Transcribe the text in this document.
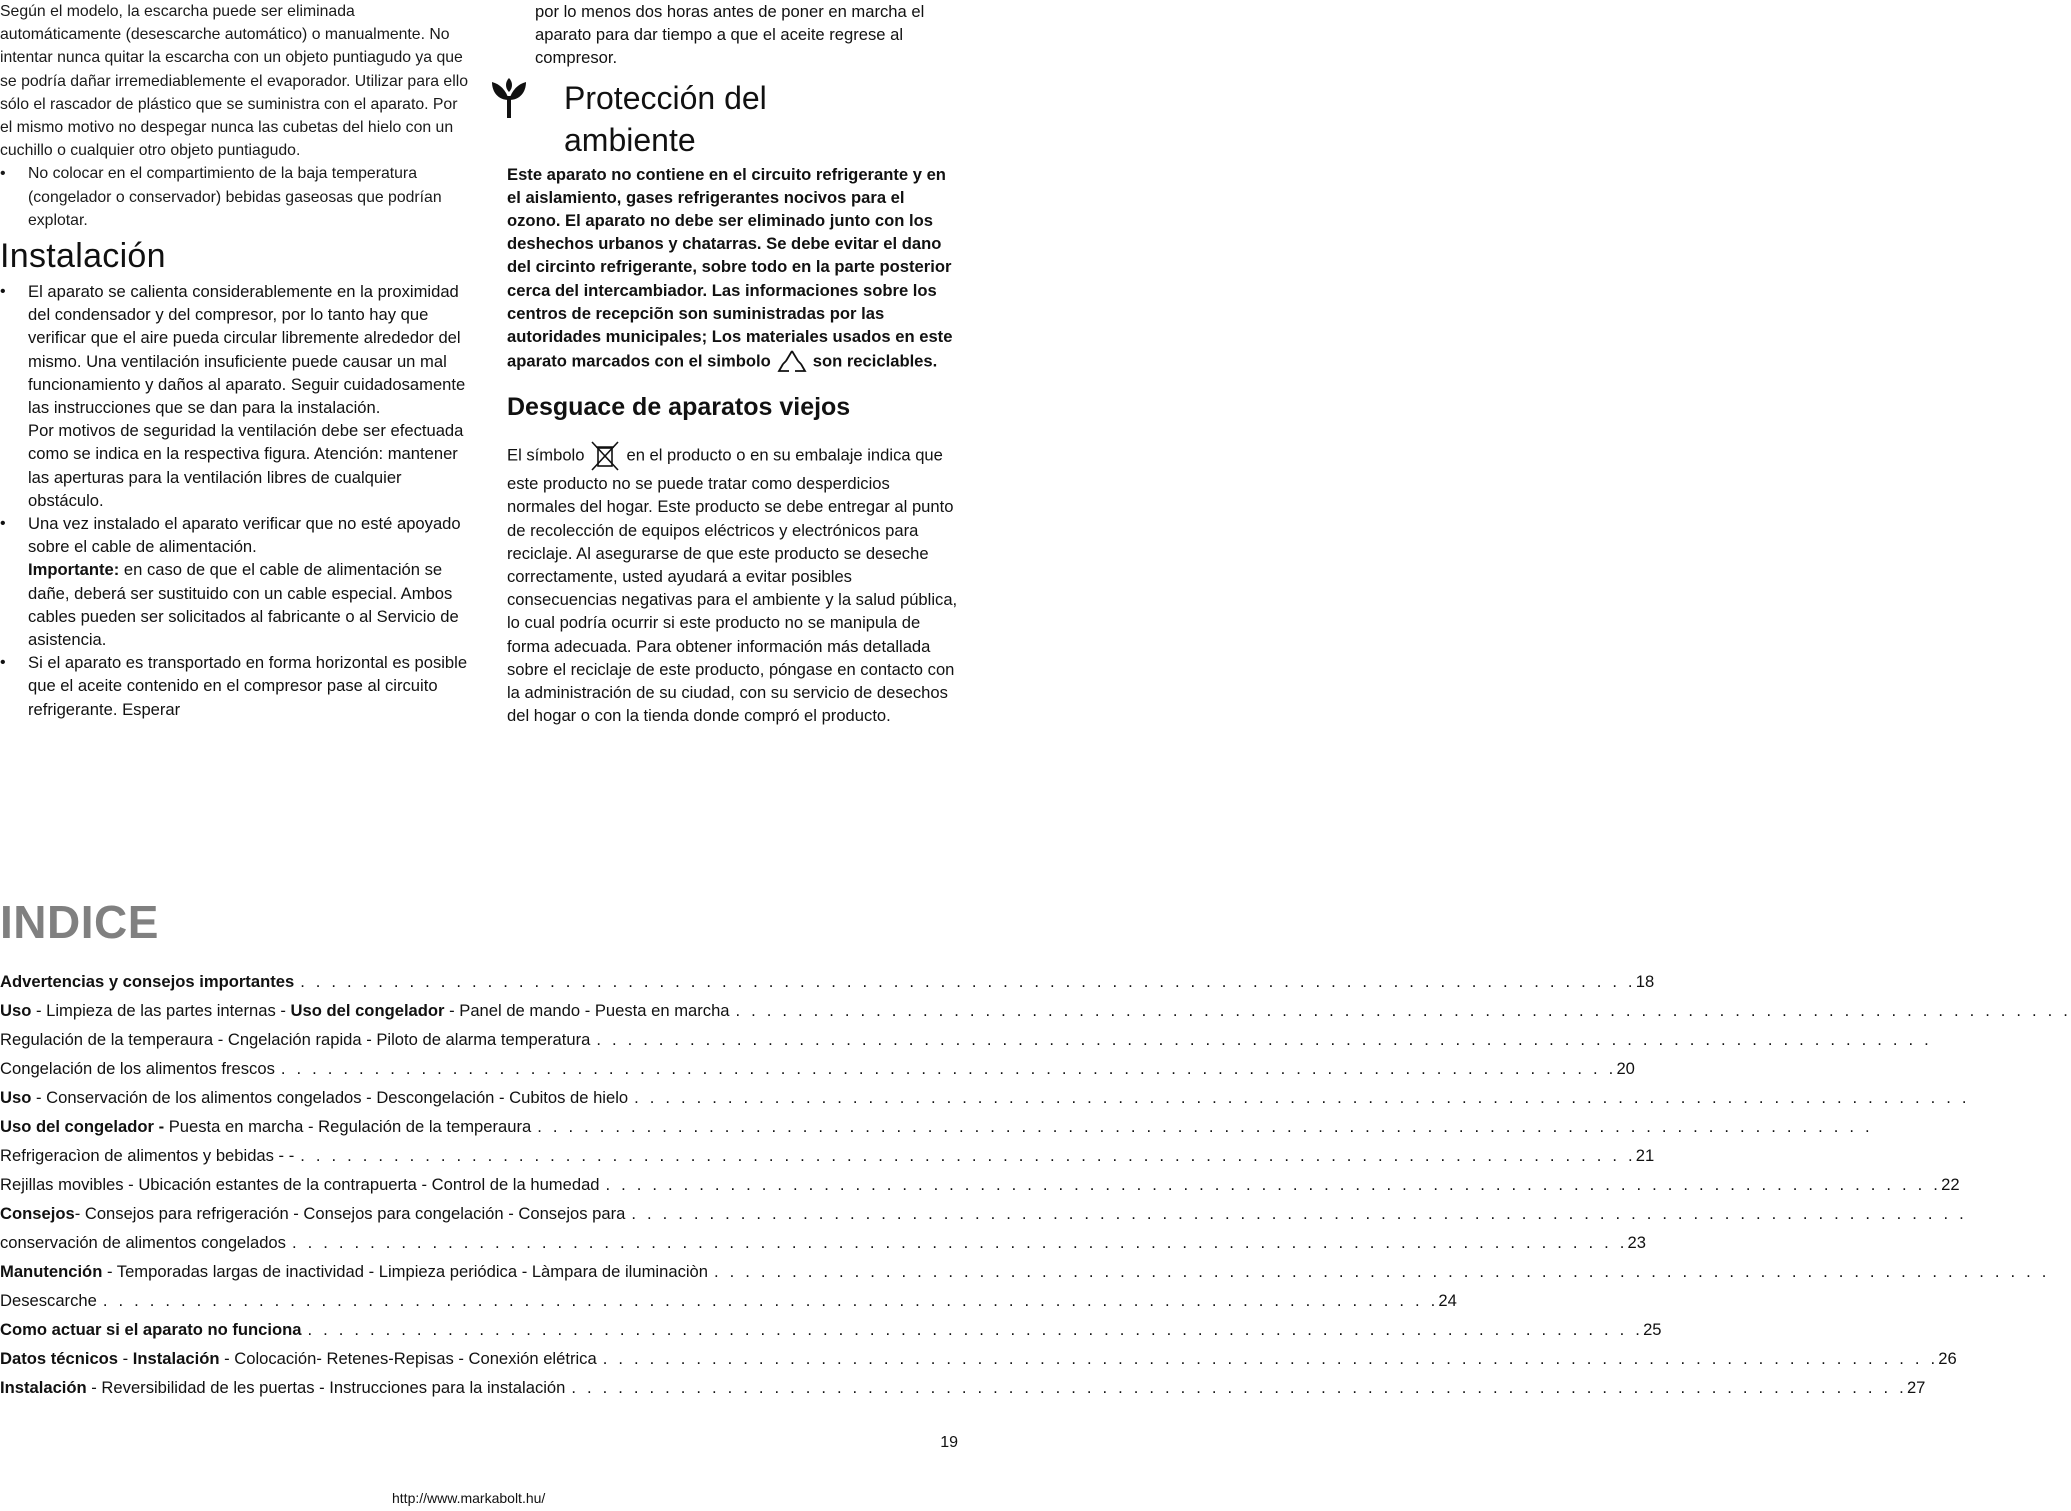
Según el modelo, la escarcha puede ser eliminada automáticamente (desescarche automático) o manualmente. No intentar nunca quitar la escarcha con un objeto puntiagudo ya que se podría dañar irremediablemente el evaporador. Utilizar para ello sólo el rascador de plástico que se suministra con el aparato. Por el mismo motivo no despegar nunca las cubetas del hielo con un cuchillo o cualquier otro objeto puntiagudo.

• No colocar en el compartimiento de la baja temperatura (congelador o conservador) bebidas gaseosas que podrían explotar.

Instalación

• El aparato se calienta considerablemente en la proximidad del condensador y del compresor, por lo tanto hay que verificar que el aire pueda circular libremente alrededor del mismo. Una ventilación insuficiente puede causar un mal funcionamiento y daños al aparato. Seguir cuidadosamente las instrucciones que se dan para la instalación.

Por motivos de seguridad la ventilación debe ser efectuada como se indica en la respectiva figura. Atención: mantener las aperturas para la ventilación libres de cualquier obstáculo.

• Una vez instalado el aparato verificar que no esté apoyado sobre el cable de alimentación.

Importante: en caso de que el cable de alimentación se dañe, deberá ser sustituido con un cable especial. Ambos cables pueden ser solicitados al fabricante o al Servicio de asistencia.

• Si el aparato es transportado en forma horizontal es posible que el aceite contenido en el compresor pase al circuito refrigerante. Esperar

por lo menos dos horas antes de poner en marcha el aparato para dar tiempo a que el aceite regrese al compresor.

Protección del
ambiente

Este aparato no contiene en el circuito refrigerante y en el aislamiento, gases refrigerantes nocivos para el ozono. El aparato no debe ser eliminado junto con los deshechos urbanos y chatarras. Se debe evitar el dano del circinto refrigerante, sobre todo en la parte posterior cerca del intercambiador. Las informaciones sobre los centros de recepciõn son suministradas por las autoridades municipales; Los materiales usados en este aparato marcados con el simbolo	son reciclables.

Desguace de aparatos viejos

El símbolo	en el producto o en su embalaje indica que este producto no se puede tratar como desperdicios normales del hogar. Este producto se debe entregar al punto de recolección de equipos eléctricos y electrónicos para reciclaje. Al asegurarse de que este producto se deseche correctamente, usted ayudará a evitar posibles consecuencias negativas para el ambiente y la salud pública, lo cual podría ocurrir si este producto no se manipula de forma adecuada. Para obtener información más detallada sobre el reciclaje de este producto, póngase en contacto con la administración de su ciudad, con su servicio de desechos del hogar o con la tienda donde compró el producto.

INDICE
Advertencias y consejos importantes . . . . . . . . . . . . . . . . . . . . . . . . . . . . . . . . . . . . . . . . . . . . . . . . . . . . . . . . . . . . . . . . . . . . . . . . . . . . . . . . . . . . . . 18
Uso - Limpieza de las partes internas - Uso del congelador - Panel de mando - Puesta en marcha . . . . . . . . . . . . . . . . . . . . . . . . . . . . . . . . . . . . . . . . . . . . . . . . . . . . . . . . . . . . . . . . . . . . . . . . . . . . . . . . . . . . . .
Regulación de la temperaura - Cngelación rapida - Piloto de alarma temperatura . . . . . . . . . . . . . . . . . . . . . . . . . . . . . . . . . . . . . . . . . . . . . . . . . . . . . . . . . . . . . . . . . . . . . . . . . . . . . . . . . . . . . .
Congelación de los alimentos frescos . . . . . . . . . . . . . . . . . . . . . . . . . . . . . . . . . . . . . . . . . . . . . . . . . . . . . . . . . . . . . . . . . . . . . . . . . . . . . . . . . . . . . . 20
Uso - Conservación de los alimentos congelados - Descongelación - Cubitos de hielo . . . . . . . . . . . . . . . . . . . . . . . . . . . . . . . . . . . . . . . . . . . . . . . . . . . . . . . . . . . . . . . . . . . . . . . . . . . . . . . . . . . . . .
Uso del congelador - Puesta en marcha - Regulación de la temperaura . . . . . . . . . . . . . . . . . . . . . . . . . . . . . . . . . . . . . . . . . . . . . . . . . . . . . . . . . . . . . . . . . . . . . . . . . . . . . . . . . . . . . .
Refrigeracìon de alimentos y bebidas - - . . . . . . . . . . . . . . . . . . . . . . . . . . . . . . . . . . . . . . . . . . . . . . . . . . . . . . . . . . . . . . . . . . . . . . . . . . . . . . . . . . . . . . 21
Rejillas movibles - Ubicación estantes de la contrapuerta - Control de la humedad . . . . . . . . . . . . . . . . . . . . . . . . . . . . . . . . . . . . . . . . . . . . . . . . . . . . . . . . . . . . . . . . . . . . . . . . . . . . . . . . . . . . . . 22
Consejos- Consejos para refrigeración - Consejos para congelación - Consejos para . . . . . . . . . . . . . . . . . . . . . . . . . . . . . . . . . . . . . . . . . . . . . . . . . . . . . . . . . . . . . . . . . . . . . . . . . . . . . . . . . . . . . .
conservación de alimentos congelados . . . . . . . . . . . . . . . . . . . . . . . . . . . . . . . . . . . . . . . . . . . . . . . . . . . . . . . . . . . . . . . . . . . . . . . . . . . . . . . . . . . . . . 23
Manutención - Temporadas largas de inactividad - Limpieza periódica - Làmpara de iluminaciòn . . . . . . . . . . . . . . . . . . . . . . . . . . . . . . . . . . . . . . . . . . . . . . . . . . . . . . . . . . . . . . . . . . . . . . . . . . . . . . . . . . . . . .
Desescarche . . . . . . . . . . . . . . . . . . . . . . . . . . . . . . . . . . . . . . . . . . . . . . . . . . . . . . . . . . . . . . . . . . . . . . . . . . . . . . . . . . . . . . 24
Como actuar si el aparato no funciona . . . . . . . . . . . . . . . . . . . . . . . . . . . . . . . . . . . . . . . . . . . . . . . . . . . . . . . . . . . . . . . . . . . . . . . . . . . . . . . . . . . . . . 25
Datos técnicos - Instalación - Colocación- Retenes-Repisas - Conexión elétrica . . . . . . . . . . . . . . . . . . . . . . . . . . . . . . . . . . . . . . . . . . . . . . . . . . . . . . . . . . . . . . . . . . . . . . . . . . . . . . . . . . . . . . 26
Instalación - Reversibilidad de les puertas - Instrucciones para la instalación . . . . . . . . . . . . . . . . . . . . . . . . . . . . . . . . . . . . . . . . . . . . . . . . . . . . . . . . . . . . . . . . . . . . . . . . . . . . . . . . . . . . . . 27
19
http://www.markabolt.hu/
